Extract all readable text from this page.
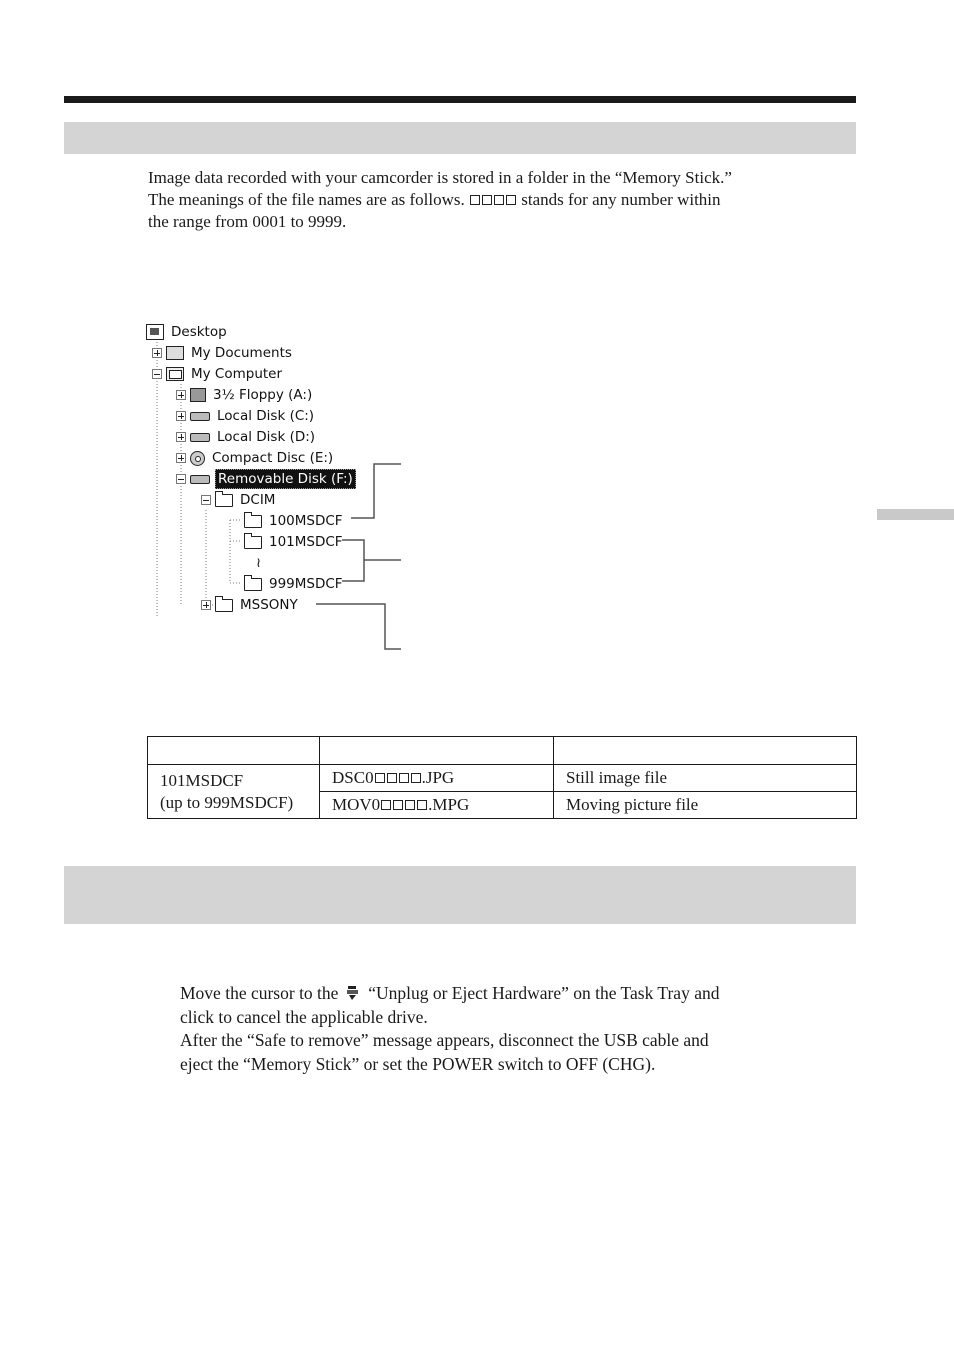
Image data recorded with your camcorder is stored in a folder in the “Memory Stick.”
The meanings of the file names are as follows.	stands for any number within
the range from 0001 to 9999.
Desktop
My Documents
My Computer
3½ Floppy (A:)
Local Disk (C:)
Local Disk (D:)
Compact Disc (E:)
Removable Disk (F:)
DCIM
100MSDCF
101MSDCF
≀
999MSDCF
MSSONY

101MSDCF
(up to 999MSDCF)	DSC0 .JPG	Still image file
	MOV0 .MPG	Moving picture file
Move the cursor to the “Unplug or Eject Hardware” on the Task Tray and
click to cancel the applicable drive.
After the “Safe to remove” message appears, disconnect the USB cable and
eject the “Memory Stick” or set the POWER switch to OFF (CHG).
